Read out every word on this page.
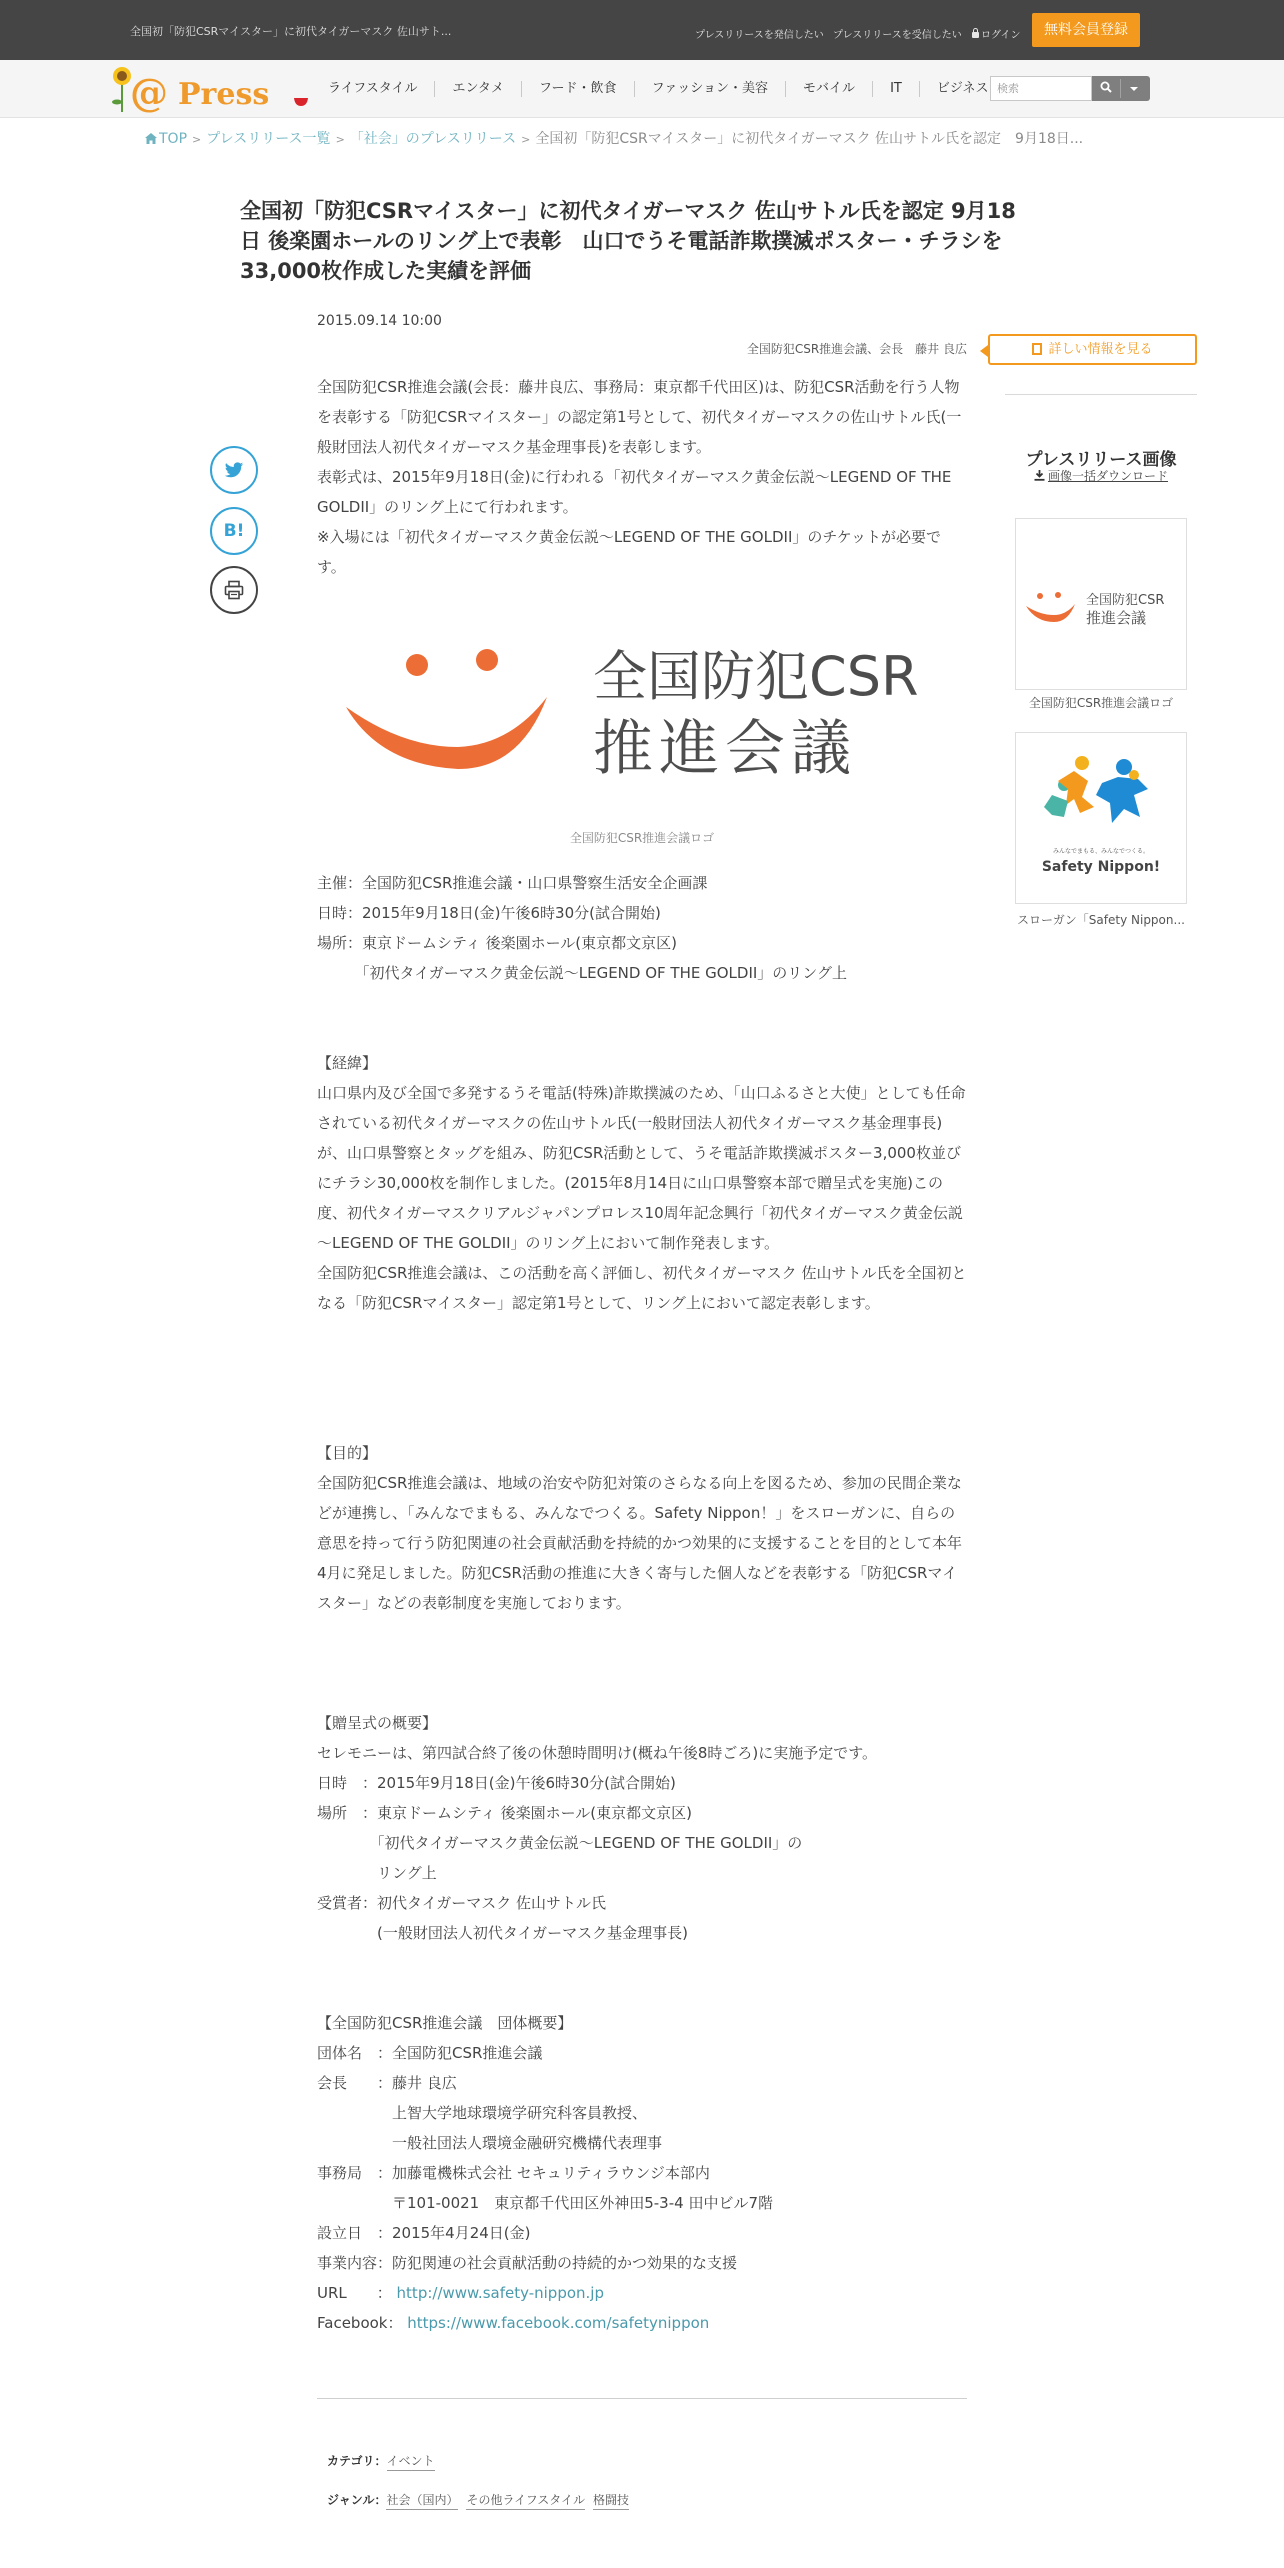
全国初「防犯CSRマイスター」に初代タイガーマスク 佐山サト...	プレスリリースを発信したい プレスリリースを受信したい	ログイン	無料会員登録
@ Press	ライフスタイル	エンタメ	フード・飲食	ファッション・美容	モバイル	IT	ビジネス 検索
TOP > プレスリリース一覧 > 「社会」のプレスリリース > 全国初「防犯CSRマイスター」に初代タイガーマスク 佐山サトル氏を認定　9月18日...
全国初「防犯CSRマイスター」に初代タイガーマスク 佐山サトル氏を認定 9月18日 後楽園ホールのリング上で表彰　山口でうそ電話詐欺撲滅ポスター・チラシを33,000枚作成した実績を評価
2015.09.14 10:00
全国防犯CSR推進会議、会長　藤井 良広
B!

全国防犯CSR推進会議(会長：藤井良広、事務局：東京都千代田区)は、防犯CSR活動を行う人物を表彰する「防犯CSRマイスター」の認定第1号として、初代タイガーマスクの佐山サトル氏(一般財団法人初代タイガーマスク基金理事長)を表彰します。

表彰式は、2015年9月18日(金)に行われる「初代タイガーマスク黄金伝説～LEGEND OF THE GOLDII」のリング上にて行われます。

※入場には「初代タイガーマスク黄金伝説～LEGEND OF THE GOLDII」のチケットが必要です。

全国防犯CSR
推進会議
全国防犯CSR推進会議ロゴ

主催：全国防犯CSR推進会議・山口県警察生活安全企画課

日時：2015年9月18日(金)午後6時30分(試合開始)

場所：東京ドームシティ 後楽園ホール(東京都文京区)

　　　「初代タイガーマスク黄金伝説～LEGEND OF THE GOLDII」のリング上

【経緯】

山口県内及び全国で多発するうそ電話(特殊)詐欺撲滅のため、「山口ふるさと大使」としても任命されている初代タイガーマスクの佐山サトル氏(一般財団法人初代タイガーマスク基金理事長)が、山口県警察とタッグを組み、防犯CSR活動として、うそ電話詐欺撲滅ポスター3,000枚並びにチラシ30,000枚を制作しました。(2015年8月14日に山口県警察本部で贈呈式を実施)この度、初代タイガーマスクリアルジャパンプロレス10周年記念興行「初代タイガーマスク黄金伝説～LEGEND OF THE GOLDII」のリング上において制作発表します。

全国防犯CSR推進会議は、この活動を高く評価し、初代タイガーマスク 佐山サトル氏を全国初となる「防犯CSRマイスター」認定第1号として、リング上において認定表彰します。

【目的】

全国防犯CSR推進会議は、地域の治安や防犯対策のさらなる向上を図るため、参加の民間企業などが連携し、「みんなでまもる、みんなでつくる。Safety Nippon！」をスローガンに、自らの意思を持って行う防犯関連の社会貢献活動を持続的かつ効果的に支援することを目的として本年4月に発足しました。防犯CSR活動の推進に大きく寄与した個人などを表彰する「防犯CSRマイスター」などの表彰制度を実施しております。

【贈呈式の概要】

セレモニーは、第四試合終了後の休憩時間明け(概ね午後8時ごろ)に実施予定です。

日時　：2015年9月18日(金)午後6時30分(試合開始)

場所　：東京ドームシティ 後楽園ホール(東京都文京区)

　　　　「初代タイガーマスク黄金伝説～LEGEND OF THE GOLDII」の

　　　　リング上

受賞者：初代タイガーマスク 佐山サトル氏

　　　　(一般財団法人初代タイガーマスク基金理事長)

【全国防犯CSR推進会議　団体概要】

団体名　：全国防犯CSR推進会議

会長　　：藤井 良広

　　　　　上智大学地球環境学研究科客員教授、

　　　　　一般社団法人環境金融研究機構代表理事

事務局　：加藤電機株式会社 セキュリティラウンジ本部内

　　　　　〒101-0021　東京都千代田区外神田5-3-4 田中ビル7階

設立日　：2015年4月24日(金)

事業内容：防犯関連の社会貢献活動の持続的かつ効果的な支援

URL　　： http://www.safety-nippon.jp

Facebook： https://www.facebook.com/safetynippon

カテゴリ：イベント
ジャンル：社会（国内） その他ライフスタイル 格闘技
詳しい情報を見る
プレスリリース画像
画像一括ダウンロード
全国防犯CSR
推進会議
全国防犯CSR推進会議ロゴ
みんなでまもる、みんなでつくる。
Safety Nippon!
スローガン「Safety Nippon...
